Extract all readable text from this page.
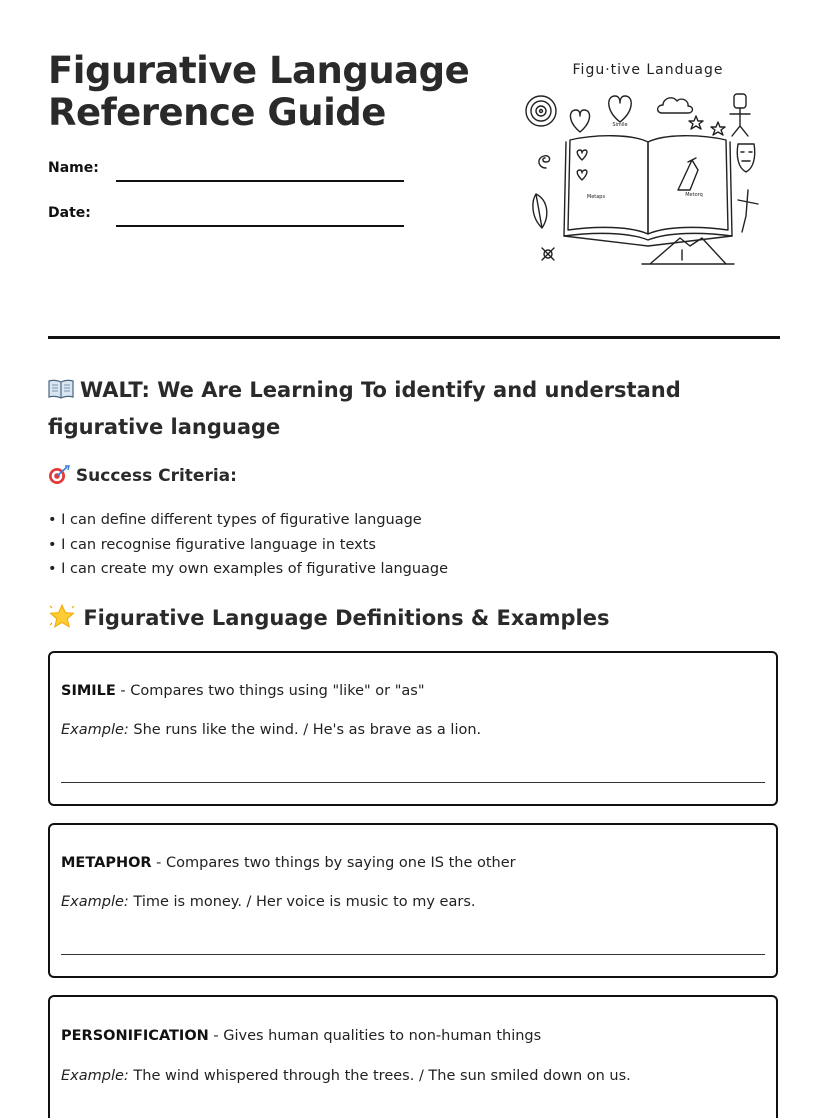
Figurative Language
Reference Guide
Name:
Date:
Figu·tive Landuage
Simile
Metaps	Metorq
WALT: We Are Learning To identify and understand figurative language
Success Criteria:
• I can define different types of figurative language
• I can recognise figurative language in texts
• I can create my own examples of figurative language
Figurative Language Definitions & Examples
SIMILE - Compares two things using "like" or "as"
Example: She runs like the wind. / He's as brave as a lion.
METAPHOR - Compares two things by saying one IS the other
Example: Time is money. / Her voice is music to my ears.
PERSONIFICATION - Gives human qualities to non-human things
Example: The wind whispered through the trees. / The sun smiled down on us.
